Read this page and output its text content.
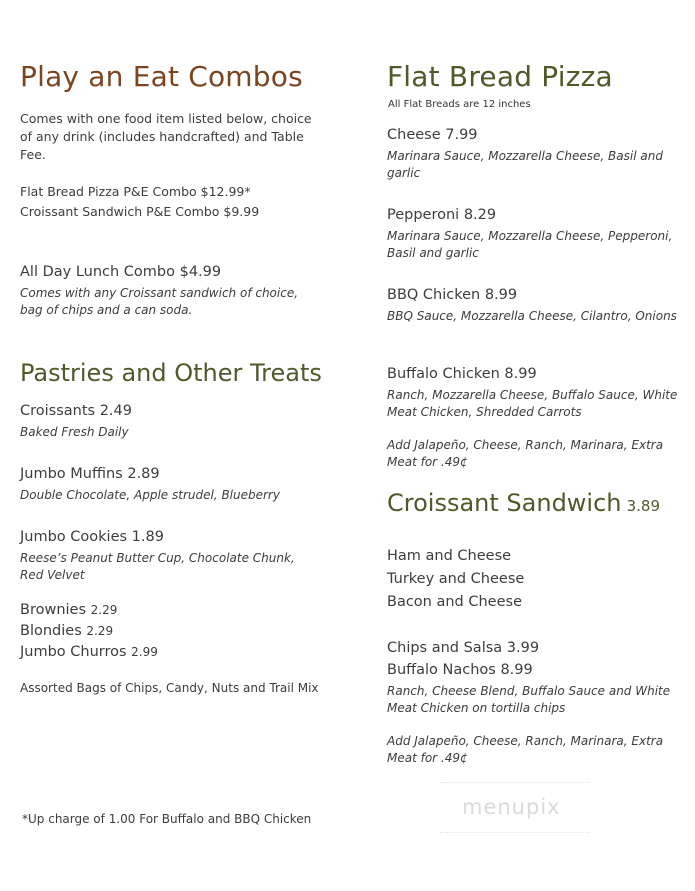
Play an Eat Combos
Comes with one food item listed below, choice of any drink (includes handcrafted) and Table Fee.
Flat Bread Pizza P&E Combo $12.99*
Croissant Sandwich P&E Combo $9.99
All Day Lunch Combo $4.99
Comes with any Croissant sandwich of choice, bag of chips and a can soda.
Pastries and Other Treats
Croissants 2.49
Baked Fresh Daily
Jumbo Muffins 2.89
Double Chocolate, Apple strudel, Blueberry
Jumbo Cookies 1.89
Reese’s Peanut Butter Cup, Chocolate Chunk, Red Velvet
Brownies 2.29
Blondies 2.29
Jumbo Churros 2.99
Assorted Bags of Chips, Candy, Nuts and Trail Mix
*Up charge of 1.00 For Buffalo and BBQ Chicken
Flat Bread Pizza
All Flat Breads are 12 inches
Cheese 7.99
Marinara Sauce, Mozzarella Cheese, Basil and garlic
Pepperoni 8.29
Marinara Sauce, Mozzarella Cheese, Pepperoni, Basil and garlic
BBQ Chicken 8.99
BBQ Sauce, Mozzarella Cheese, Cilantro, Onions
Buffalo Chicken 8.99
Ranch, Mozzarella Cheese, Buffalo Sauce, White Meat Chicken, Shredded Carrots
Add Jalapeño, Cheese, Ranch, Marinara, Extra Meat for .49¢
Croissant Sandwich 3.89
Ham and Cheese
Turkey and Cheese
Bacon and Cheese
Chips and Salsa 3.99
Buffalo Nachos 8.99
Ranch, Cheese Blend, Buffalo Sauce and White Meat Chicken on tortilla chips
Add Jalapeño, Cheese, Ranch, Marinara, Extra Meat for .49¢
menupix
